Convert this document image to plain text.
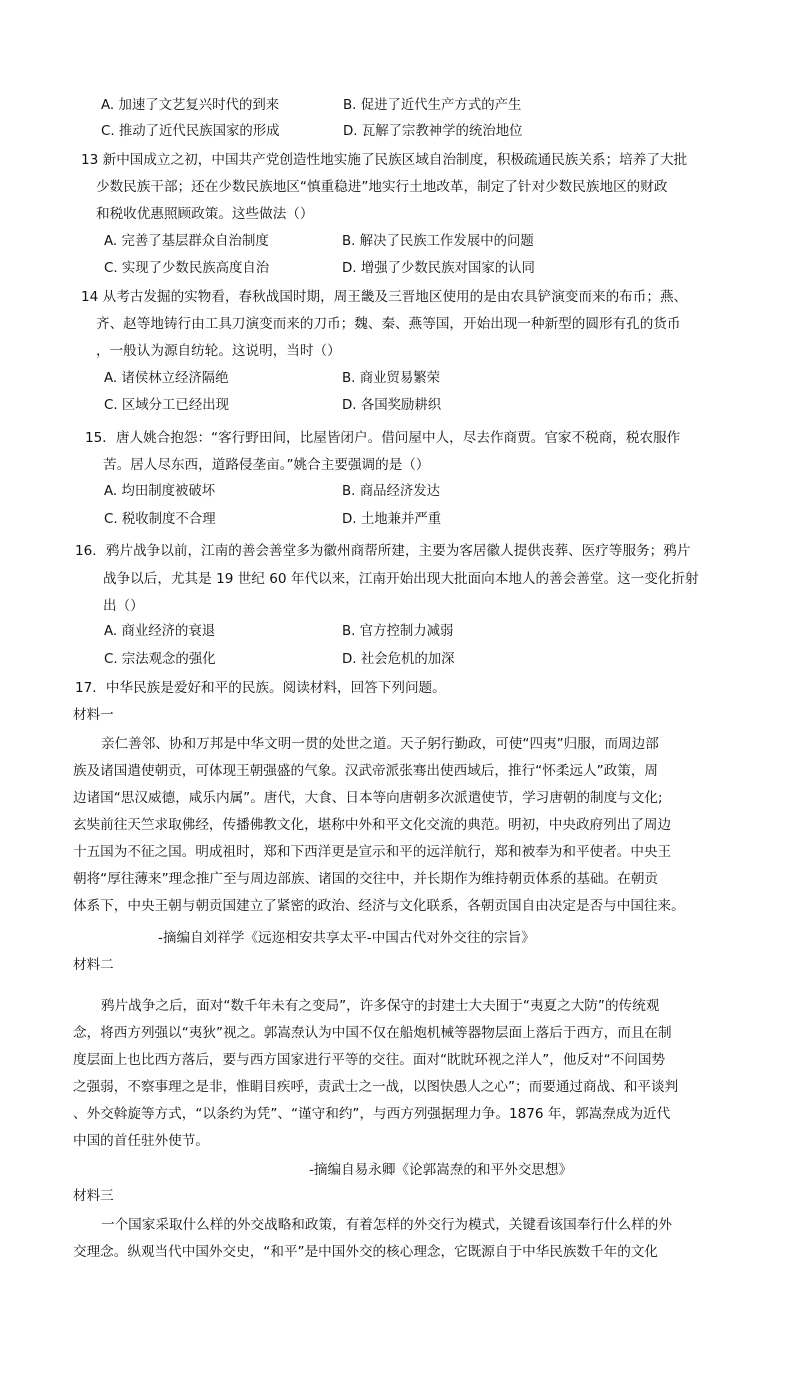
A. 加速了文艺复兴时代的到来	B. 促进了近代生产方式的产生
C. 推动了近代民族国家的形成	D. 瓦解了宗教神学的统治地位
13 新中国成立之初，中国共产党创造性地实施了民族区域自治制度，积极疏通民族关系；培养了大批
少数民族干部；还在少数民族地区“慎重稳进”地实行土地改革，制定了针对少数民族地区的财政
和税收优惠照顾政策。这些做法（）
A. 完善了基层群众自治制度	B. 解决了民族工作发展中的问题
C. 实现了少数民族高度自治	D. 增强了少数民族对国家的认同
14 从考古发掘的实物看，春秋战国时期，周王畿及三晋地区使用的是由农具铲演变而来的布币；燕、
齐、赵等地铸行由工具刀演变而来的刀币；魏、秦、燕等国，开始出现一种新型的圆形有孔的货币
，一般认为源自纺轮。这说明，当时（）
A. 诸侯林立经济隔绝	B. 商业贸易繁荣
C. 区域分工已经出现	D. 各国奖励耕织
15．唐人姚合抱怨：“客行野田间，比屋皆闭户。借问屋中人，尽去作商贾。官家不税商，税农服作
苦。居人尽东西，道路侵垄亩。”姚合主要强调的是（）
A. 均田制度被破坏	B. 商品经济发达
C. 税收制度不合理	D. 土地兼并严重
16．鸦片战争以前，江南的善会善堂多为徽州商帮所建，主要为客居徽人提供丧葬、医疗等服务；鸦片
战争以后，尤其是 19 世纪 60 年代以来，江南开始出现大批面向本地人的善会善堂。这一变化折射
出（）
A. 商业经济的衰退	B. 官方控制力减弱
C. 宗法观念的强化	D. 社会危机的加深
17．中华民族是爱好和平的民族。阅读材料，回答下列问题。
材料一
亲仁善邻、协和万邦是中华文明一贯的处世之道。天子躬行勤政，可使“四夷”归服，而周边部
族及诸国遣使朝贡，可体现王朝强盛的气象。汉武帝派张骞出使西域后，推行“怀柔远人”政策，周
边诸国“思汉威德，咸乐内属”。唐代，大食、日本等向唐朝多次派遣使节，学习唐朝的制度与文化;
玄奘前往天竺求取佛经，传播佛教文化，堪称中外和平文化交流的典范。明初，中央政府列出了周边
十五国为不征之国。明成祖时，郑和下西洋更是宣示和平的远洋航行，郑和被奉为和平使者。中央王
朝将“厚往薄来”理念推广至与周边部族、诸国的交往中，并长期作为维持朝贡体系的基础。在朝贡
体系下，中央王朝与朝贡国建立了紧密的政治、经济与文化联系，各朝贡国自由决定是否与中国往来。
-摘编自刘祥学《远迩相安共享太平-中国古代对外交往的宗旨》
材料二
鸦片战争之后，面对“数千年未有之变局”，许多保守的封建士大夫囿于“夷夏之大防”的传统观
念，将西方列强以“夷狄”视之。郭嵩焘认为中国不仅在船炮机械等器物层面上落后于西方，而且在制
度层面上也比西方落后，要与西方国家进行平等的交往。面对“眈眈环视之洋人”，他反对“不问国势
之强弱，不察事理之是非，惟睊目疾呼，责武士之一战，以图快愚人之心”；而要通过商战、和平谈判
、外交斡旋等方式，“以条约为凭”、“谨守和约”，与西方列强据理力争。1876 年，郭嵩焘成为近代
中国的首任驻外使节。
-摘编自易永卿《论郭嵩焘的和平外交思想》
材料三
一个国家采取什么样的外交战略和政策，有着怎样的外交行为模式，关键看该国奉行什么样的外
交理念。纵观当代中国外交史，“和平”是中国外交的核心理念，它既源自于中华民族数千年的文化
